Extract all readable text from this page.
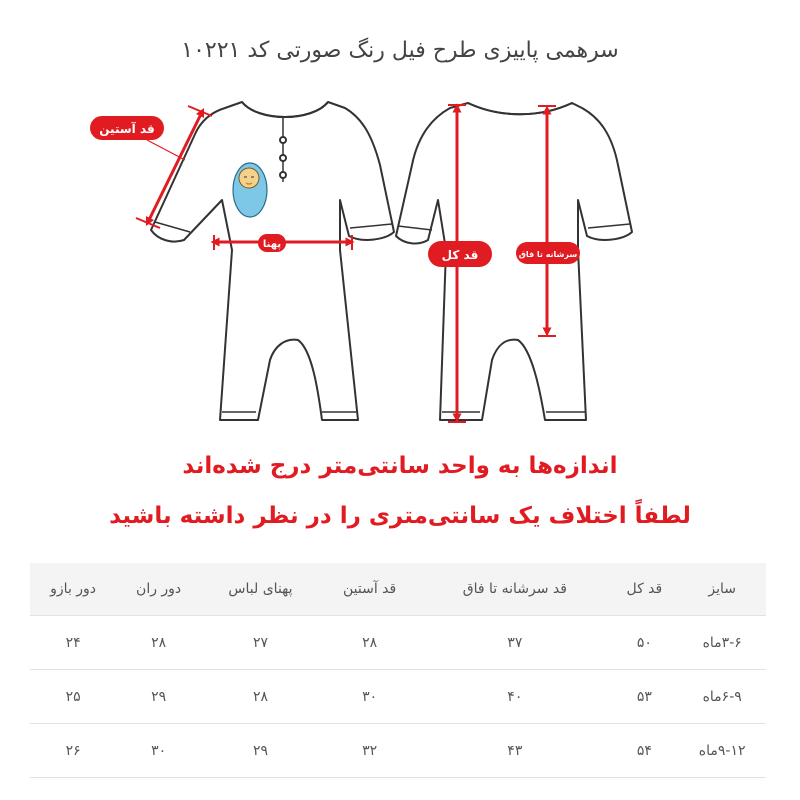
سرهمی پاییزی طرح فیل رنگ صورتی کد ۱۰۲۲۱
قد آستین
پهنا
قد کل	سرشانه تا فاق
اندازه‌ها به واحد سانتی‌متر درج شده‌اند
لطفاً اختلاف یک سانتی‌متری را در نظر داشته باشید
سایز	قد کل	قد سرشانه تا فاق	قد آستین	پهنای لباس	دور ران	دور بازو
۳-۶ماه	۵۰	۳۷	۲۸	۲۷	۲۸	۲۴
۶-۹ماه	۵۳	۴۰	۳۰	۲۸	۲۹	۲۵
۹-۱۲ماه	۵۴	۴۳	۳۲	۲۹	۳۰	۲۶
